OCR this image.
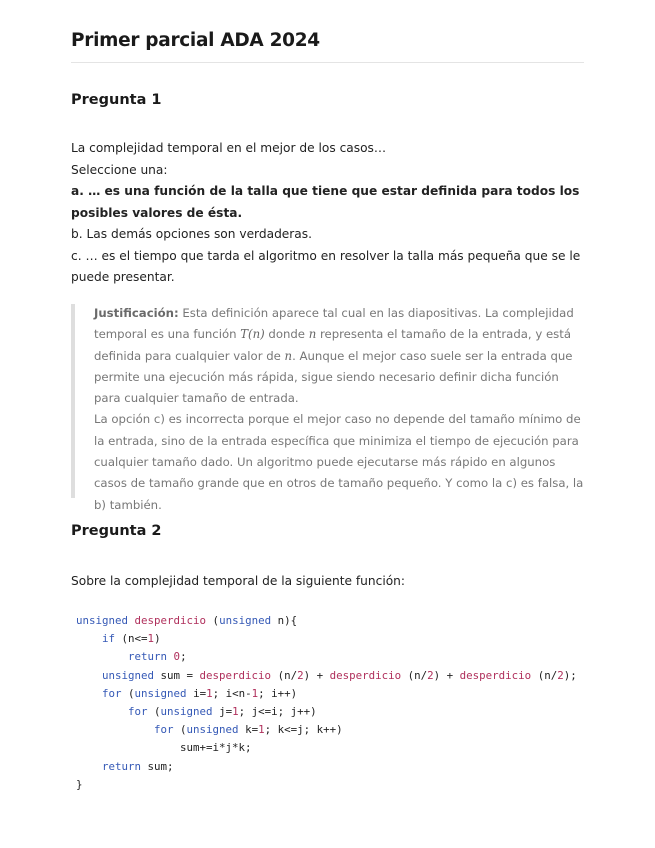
Primer parcial ADA 2024
Pregunta 1

La complejidad temporal en el mejor de los casos…

Seleccione una:

a. … es una función de la talla que tiene que estar definida para todos los posibles valores de ésta.

b. Las demás opciones son verdaderas.

c. … es el tiempo que tarda el algoritmo en resolver la talla más pequeña que se le puede presentar.

Justificación: Esta definición aparece tal cual en las diapositivas. La complejidad temporal es una función T(n) donde n representa el tamaño de la entrada, y está definida para cualquier valor de n. Aunque el mejor caso suele ser la entrada que permite una ejecución más rápida, sigue siendo necesario definir dicha función para cualquier tamaño de entrada.

La opción c) es incorrecta porque el mejor caso no depende del tamaño mínimo de la entrada, sino de la entrada específica que minimiza el tiempo de ejecución para cualquier tamaño dado. Un algoritmo puede ejecutarse más rápido en algunos casos de tamaño grande que en otros de tamaño pequeño. Y como la c) es falsa, la b) también.

Pregunta 2

Sobre la complejidad temporal de la siguiente función:

unsigned desperdicio (unsigned n){
if (n<=1)
return 0;
unsigned sum = desperdicio (n/2) + desperdicio (n/2) + desperdicio (n/2);
for (unsigned i=1; i<n-1; i++)
for (unsigned j=1; j<=i; j++)
for (unsigned k=1; k<=j; k++)
sum+=i*j*k;
return sum;
}
